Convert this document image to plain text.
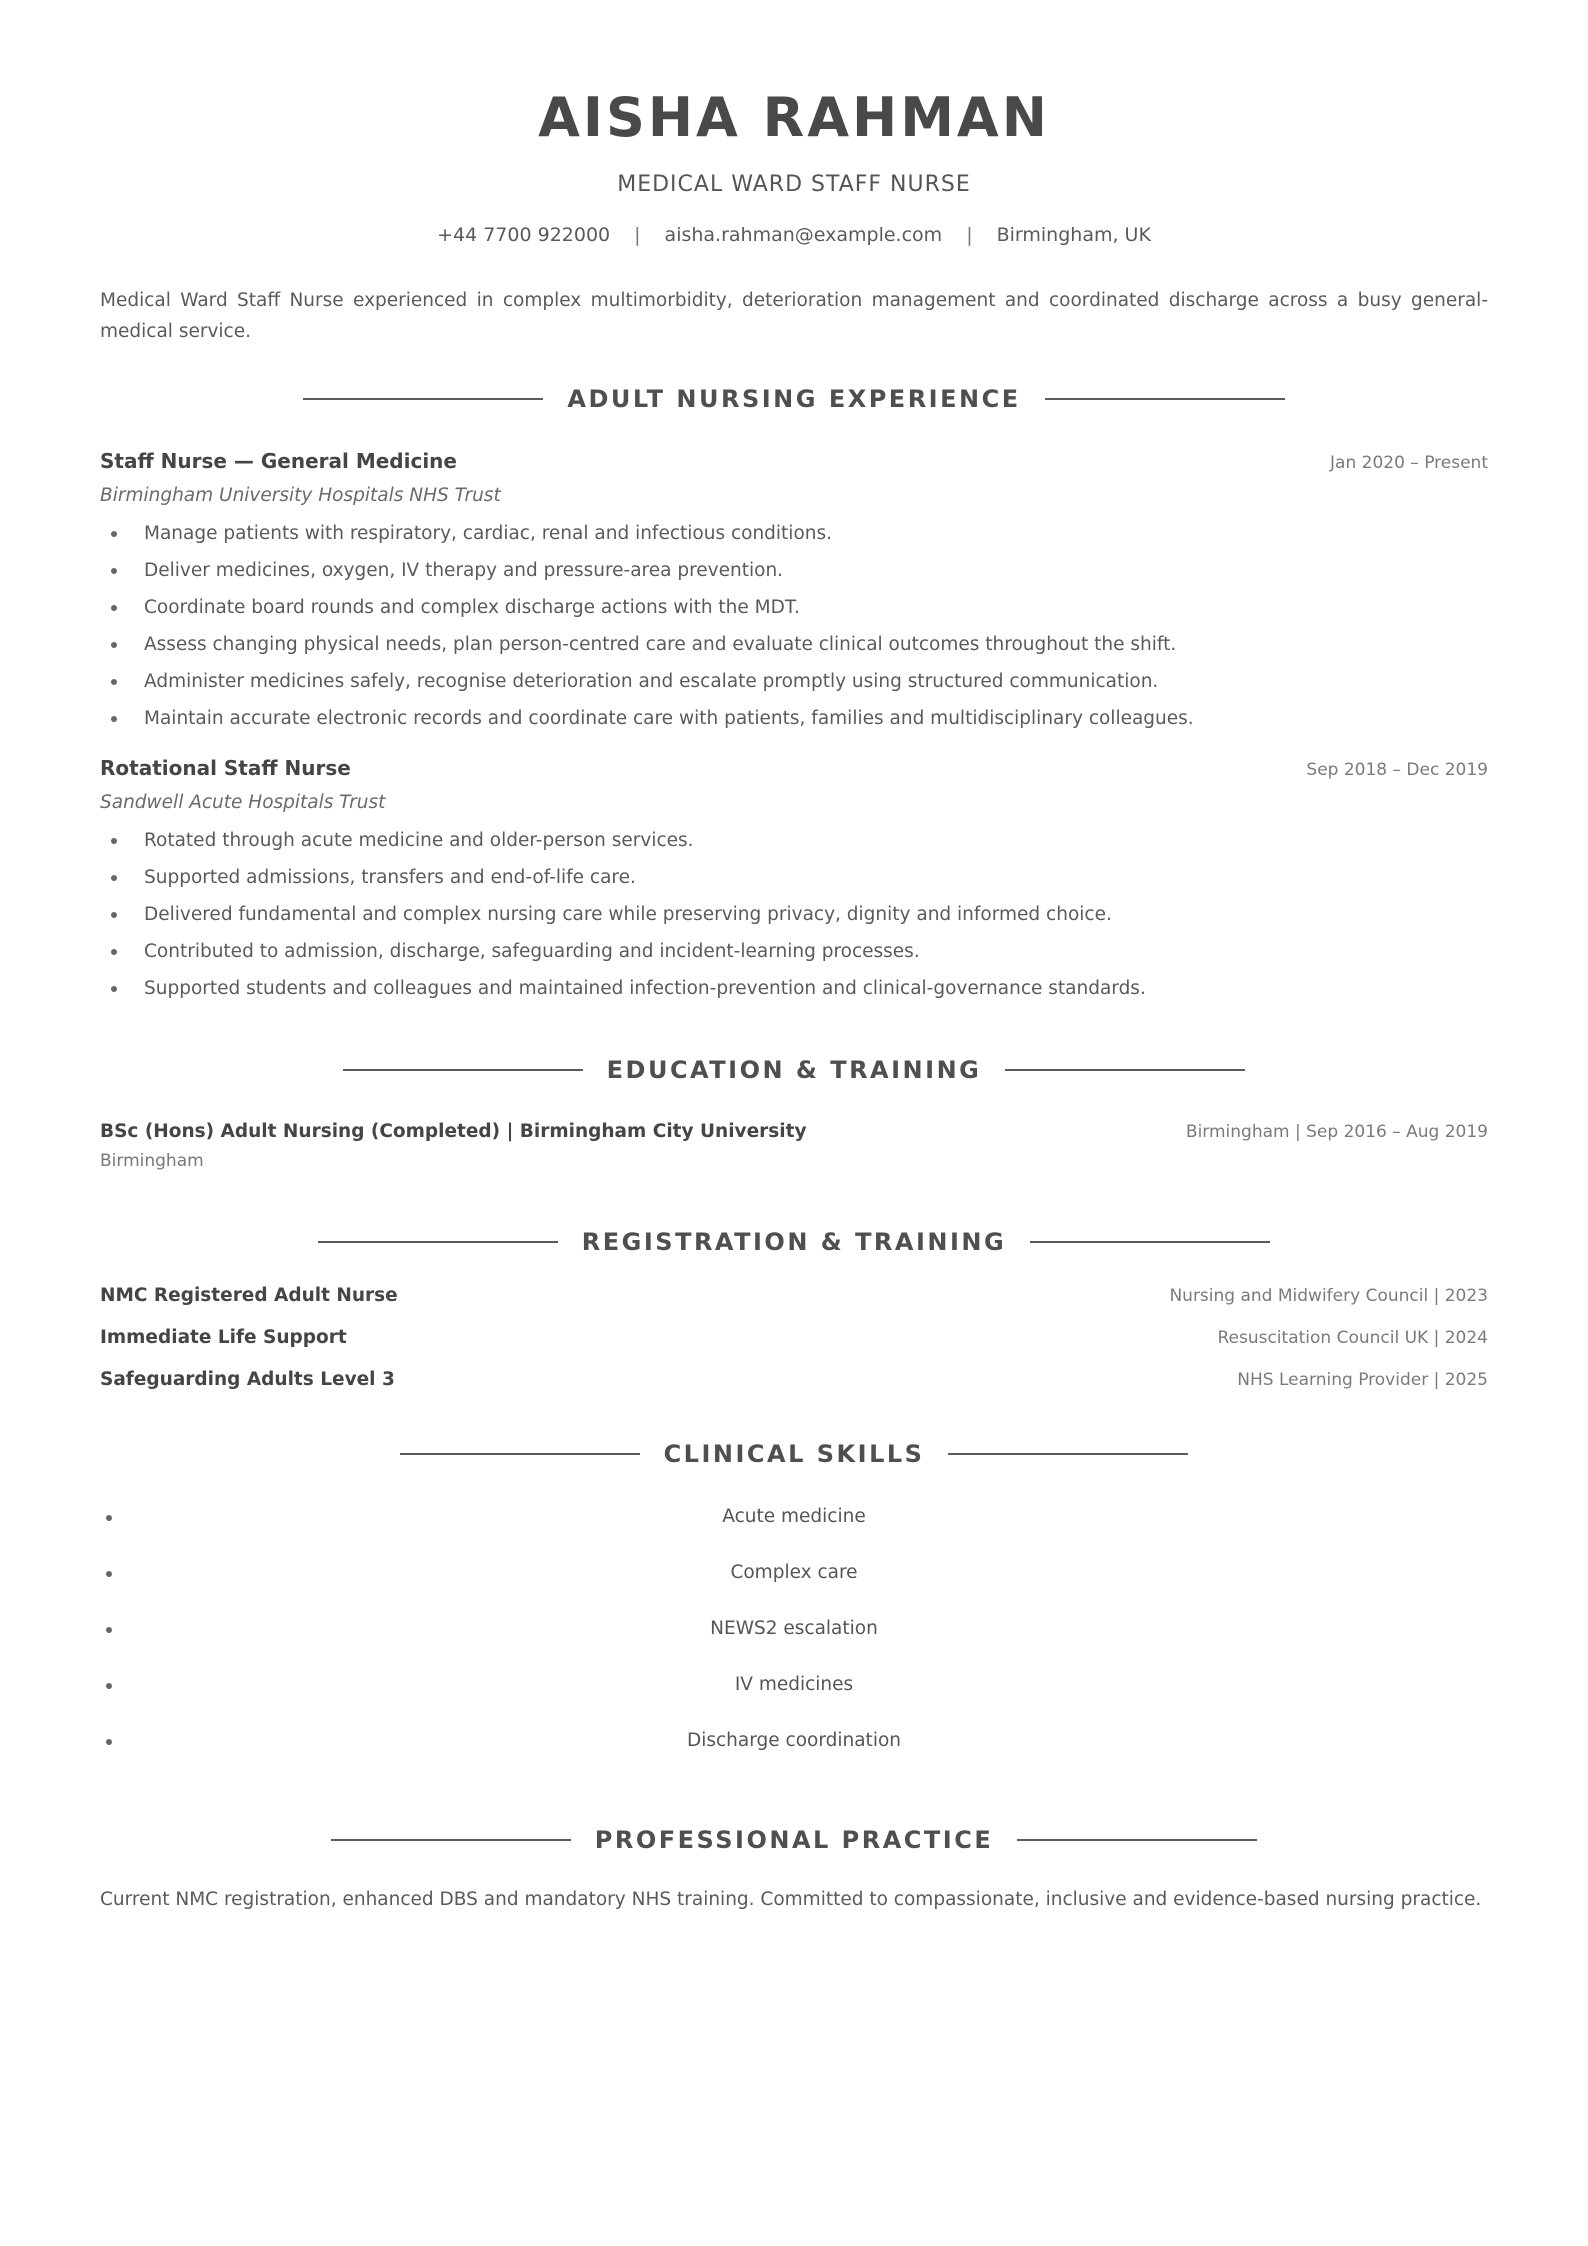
AISHA RAHMAN
MEDICAL WARD STAFF NURSE
+44 7700 922000 | aisha.rahman@example.com | Birmingham, UK
Medical Ward Staff Nurse experienced in complex multimorbidity, deterioration management and coordinated discharge across a busy general-medical service.
ADULT NURSING EXPERIENCE
Staff Nurse — General Medicine	Jan 2020 – Present
Birmingham University Hospitals NHS Trust
Manage patients with respiratory, cardiac, renal and infectious conditions.
Deliver medicines, oxygen, IV therapy and pressure-area prevention.
Coordinate board rounds and complex discharge actions with the MDT.
Assess changing physical needs, plan person-centred care and evaluate clinical outcomes throughout the shift.
Administer medicines safely, recognise deterioration and escalate promptly using structured communication.
Maintain accurate electronic records and coordinate care with patients, families and multidisciplinary colleagues.
Rotational Staff Nurse	Sep 2018 – Dec 2019
Sandwell Acute Hospitals Trust
Rotated through acute medicine and older-person services.
Supported admissions, transfers and end-of-life care.
Delivered fundamental and complex nursing care while preserving privacy, dignity and informed choice.
Contributed to admission, discharge, safeguarding and incident-learning processes.
Supported students and colleagues and maintained infection-prevention and clinical-governance standards.
EDUCATION & TRAINING
BSc (Hons) Adult Nursing (Completed) | Birmingham City University	Birmingham | Sep 2016 – Aug 2019
Birmingham
REGISTRATION & TRAINING
NMC Registered Adult Nurse	Nursing and Midwifery Council | 2023
Immediate Life Support	Resuscitation Council UK | 2024
Safeguarding Adults Level 3	NHS Learning Provider | 2025
CLINICAL SKILLS
Acute medicine
Complex care
NEWS2 escalation
IV medicines
Discharge coordination
PROFESSIONAL PRACTICE
Current NMC registration, enhanced DBS and mandatory NHS training. Committed to compassionate, inclusive and evidence-based nursing practice.
